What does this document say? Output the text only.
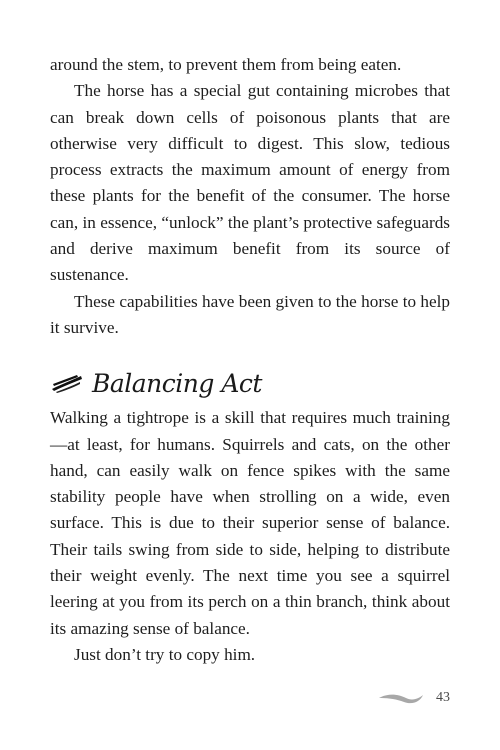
around the stem, to prevent them from being eaten.

The horse has a special gut containing microbes that can break down cells of poisonous plants that are otherwise very difficult to digest. This slow, tedious process extracts the maximum amount of energy from these plants for the benefit of the consumer. The horse can, in essence, “unlock” the plant’s protective safeguards and derive maximum benefit from its source of sustenance.

These capabilities have been given to the horse to help it survive.

Balancing Act

Walking a tightrope is a skill that requires much training—at least, for humans. Squirrels and cats, on the other hand, can easily walk on fence spikes with the same stability people have when strolling on a wide, even surface. This is due to their superior sense of balance. Their tails swing from side to side, helping to distribute their weight evenly. The next time you see a squirrel leering at you from its perch on a thin branch, think about its amazing sense of balance.

Just don’t try to copy him.

43
